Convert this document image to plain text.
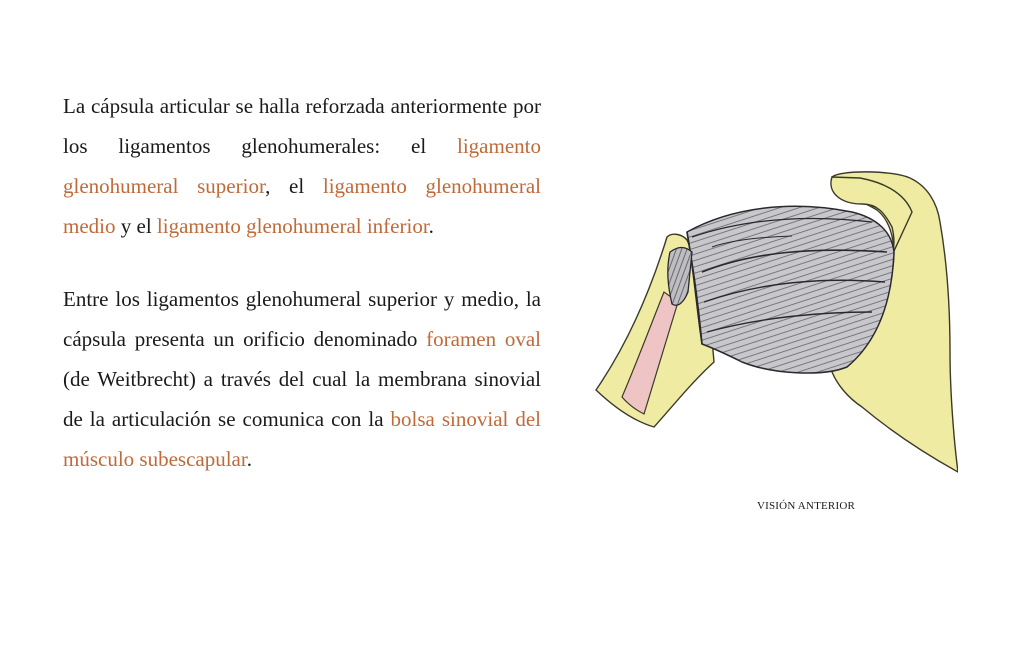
La cápsula articular se halla reforzada anteriormente por los ligamentos glenohumerales: el ligamento glenohumeral superior, el ligamento glenohumeral medio y el ligamento glenohumeral inferior.

Entre los ligamentos glenohumeral superior y medio, la cápsula presenta un orificio denominado foramen oval (de Weitbrecht) a través del cual la membrana sinovial de la articulación se comunica con la bolsa sinovial del músculo subescapular.

VISIÓN ANTERIOR
